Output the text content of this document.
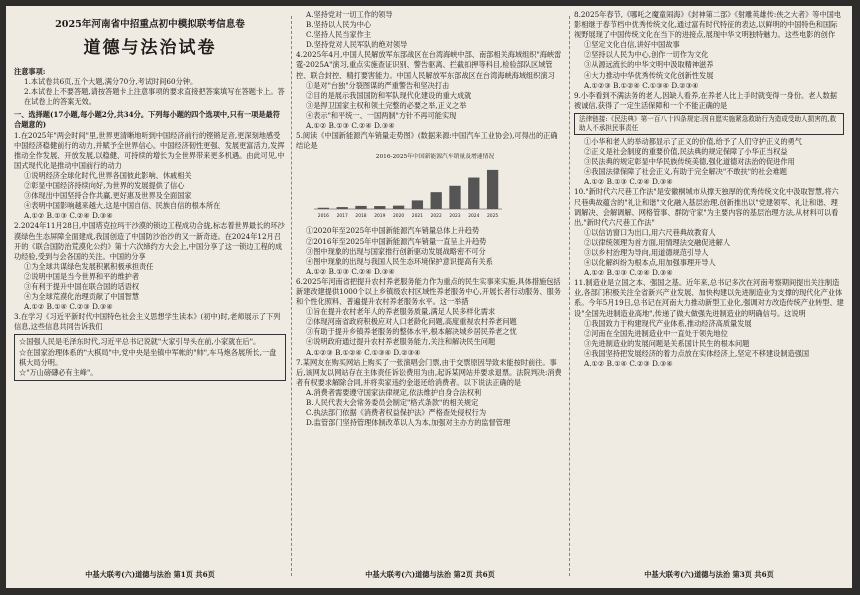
2025年河南省中招重点初中模拟联考信息卷

道德与法治试卷

注意事项:

1.本试卷共6页,五个大题,满分70分,考试时间60分钟。

2.本试卷上不要答题,请按答题卡上注意事项的要求直接把答案填写在答题卡上。答在试卷上的答案无效。

一、选择题(17小题,每小题2分,共34分。下列每小题的四个选项中,只有一项是最符合题意的)

1.在2025年"两会时间"里,世界更清晰地听到中国经济前行的铿锵足音,更深刻地感受中国经济稳健前行的动力,并赋予全世界信心。中国经济韧性更强、发展更富活力,发挥推动全作发展、开放发展,以稳健、可持续的增长为全世界带来更多机遇。由此可见,中国式现代化是推动中国前行的动力

①说明经济全球化时代,世界各国彼此影响、休戚相关

②彰显中国经济持续向好,为世界的发展提供了信心

③体现出中国坚持合作共赢,更好惠及世界及全面国家

④表明中国影响越来越大,这是中国自信、民族自信的根本所在

A.①② B.①③ C.②④ D.③④

2.2024年11月28日,中国塔克拉玛干沙漠的锁边工程成功合拢,标志着世界最长的环沙漠绿色生态屏障全面建成,我国创造了中国防沙治沙的又一新奇迹。在2024年12月召开的《联合国防治荒漠化公约》第十六次缔约方大会上,中国分享了这一锁边工程的成功经验,受到与会各国的关注。中国的分享

①为全球共谋绿色发展积累积极承担责任

②说明中国是当今世界和平的维护者

③有利于提升中国在联合国的话语权

④为全球荒漠化治理贡献了中国智慧

A.①② B.①④ C.②③ D.③④

3.在学习《习近平新时代中国特色社会主义思想学生读本》(初中)时,老师展示了下列信息,这些信息共同告诉我们

☆国强人民是毛泽东时代,习近平总书记说就"大家引导头在前,小家就在后"。

☆在国家治理体系的"大棋局"中,党中央是坐镇中军帐的"帅",车马炮各展所长,一盘棋大局分明。

☆"万山磅礴必有主峰"。

中基大联考(六)道德与法治 第1页 共6页

A.坚持党对一切工作的领导

B.坚持以人民为中心

C.坚持人民当家作主

D.坚持党对人民军队的绝对领导

4.2025年4月,中国人民解放军东部战区在台湾海峡中部、南部相关海域组织"海峡雷霆-2025A"演习,重点实施查证识别、警告驱离、拦截扣押等科目,检验部队区域管控、联合封控、精打要害能力。中国人民解放军东部战区在台湾海峡海域组织演习

①是对"台独"分裂图谋的严重警告和坚决打击

②目的是展示我国国防和军队现代化建设的重大成就

③是捍卫国家主权和领土完整的必要之举,正义之举

④表示"和平统一、一国两制"方针不再可能实现

A.①② B.①③ C.②④ D.③④

5.阅读《中国新能源汽车销量走势图》(数据来源:中国汽车工业协会),可得出的正确结论是

2016-2025年中国新能源汽车销量及增速情况

2016 2017 2018 2019 2020 2021 2022 2023 2024 2025

①2020年至2025年中国新能源汽车销量总体上升趋势

②2016年至2025年中国新能源汽车销量一直呈上升趋势

③图中现象的出现与国家推行创新驱动发展战略密不可分

④图中现象的出现与我国人民生态环境保护意识提高有关系

A.①② B.①③ C.②④ D.③④

6.2025年河南省把提升农村养老服务能力作为重点的民生实事来实施,具体措施包括新建改建提供1000个以上乡镇级农村区域性养老服务中心,开展长者行动服务、服务和个性化照料、普遍提升农村养老服务水平。这一举措

①旨在提升农村老年人的养老服务质量,满足人民多样化需求

②体现河南省政府积极应对人口老龄化问题,高度重视农村养老问题

③有助于提升乡镇养老服务的整体水平,根本解决城乡居民养老之忧

④说明政府通过提升农村养老服务能力,关注和解决民生问题

A.①②③ B.①②④ C.①③④ D.②③④

7.某网友在购买网站上购买了一张演唱会门票,由于交票原因导致未能按时前往。事后,该网友以网站存在主体责任诉讼费用为由,起诉某网站并要求退票。法院判决:消费者有权要求解除合同,并将卖家违约金退还给消费者。以下说法正确的是

A.消费者需要遵守国家法律规定,依法维护自身合法权利

B.人民代表大会常务委员会制定"格式条款"的相关规定

C.执法部门依据《消费者权益保护法》严格查处侵权行为

D.监管部门坚持管理体制改革以人为本,加强对主办方的监督管理

中基大联考(六)道德与法治 第2页 共6页

8.2025年春节,《哪吒之魔童闹海》《封神第二部》《射雕英雄传:侠之大者》等中国电影相继于春节档中优秀传统文化,通过富有时代特征的表达,以鲜明的中国特色和国际视野展现了中国传统文化在当下的进接点,展现中华文明独特魅力。这些电影的创作

①坚定文化自信,讲好中国故事

②坚持以人民为中心,创作一切作为文化

③从源远流长的中华文明中汲取精神滋养

④大力推动中华优秀传统文化创新性发展

A.①②③ B.①②④ C.①③④ D.②③④

9.小李看到不满法务的老人,因缺人看养,在养老人比上手时就变得一身份。老人数据被诚信,获得了一定生活保障和一个不能正确的是

法律链接:《民法典》第一百八十四条规定:因自愿实施紧急救助行为造成受助人损害的,救助人不承担民事责任

①小华和老人的举动都显示了正义的价值,给予了人们守护正义的勇气

②正义是社会制度的重要价值,民法典的规定保障了小华正当权益

③民法典的规定彰显中华民族传统美德,强化道德对法治的促进作用

④我国法律保障了社会正义,有助于完全解决"不敢扶"的社会难题

A.①② B.①③ C.②④ D.③④

10."新时代六尺巷工作法"是安徽桐城市从撑天独厚的优秀传统文化中汲取智慧,将六尺巷典故蕴含的"礼让和谐"文化融入基层治理,创新推出以"党建领军、礼让和谐、理调解决、会解调解、网格管事、群防守家"为主要内容的基层治理方法,从材料可以看出,"新时代六尺巷工作法"

①以信访窗口为出口,用六尺巷典故教育人

②以律统领理为首方面,用情理法交融促进解人

③以乡村治理为导向,用道德规范引导人

④以化解纠纷为根本点,用加强事理开导人

A.①② B.①③ C.②④ D.③④

11.制造业是立国之本、强国之基。近年来,总书记多次在河南考察期间提出关注制造业,各部门积极关注全省新兴产业发展、加快构建以先进制造业为支撑的现代化产业体系。今年5月19日,总书记在河南大力推动新型工业化,强调对方改造传统产业转型、建设"全国先进制造业高地",传递了做大做强先进制造业的明确信号。这说明

①我国致力于构建现代产业体系,推动经济高质量发展

②河南在全国先进制造业中一直处于领先地位

③先进制造业的发展问题是关系国计民生的根本问题

④我国坚持把发展经济的着力点放在实体经济上,坚定不移建设制造强国

A.①② B.①④ C.②③ D.③④

中基大联考(六)道德与法治 第3页 共6页
